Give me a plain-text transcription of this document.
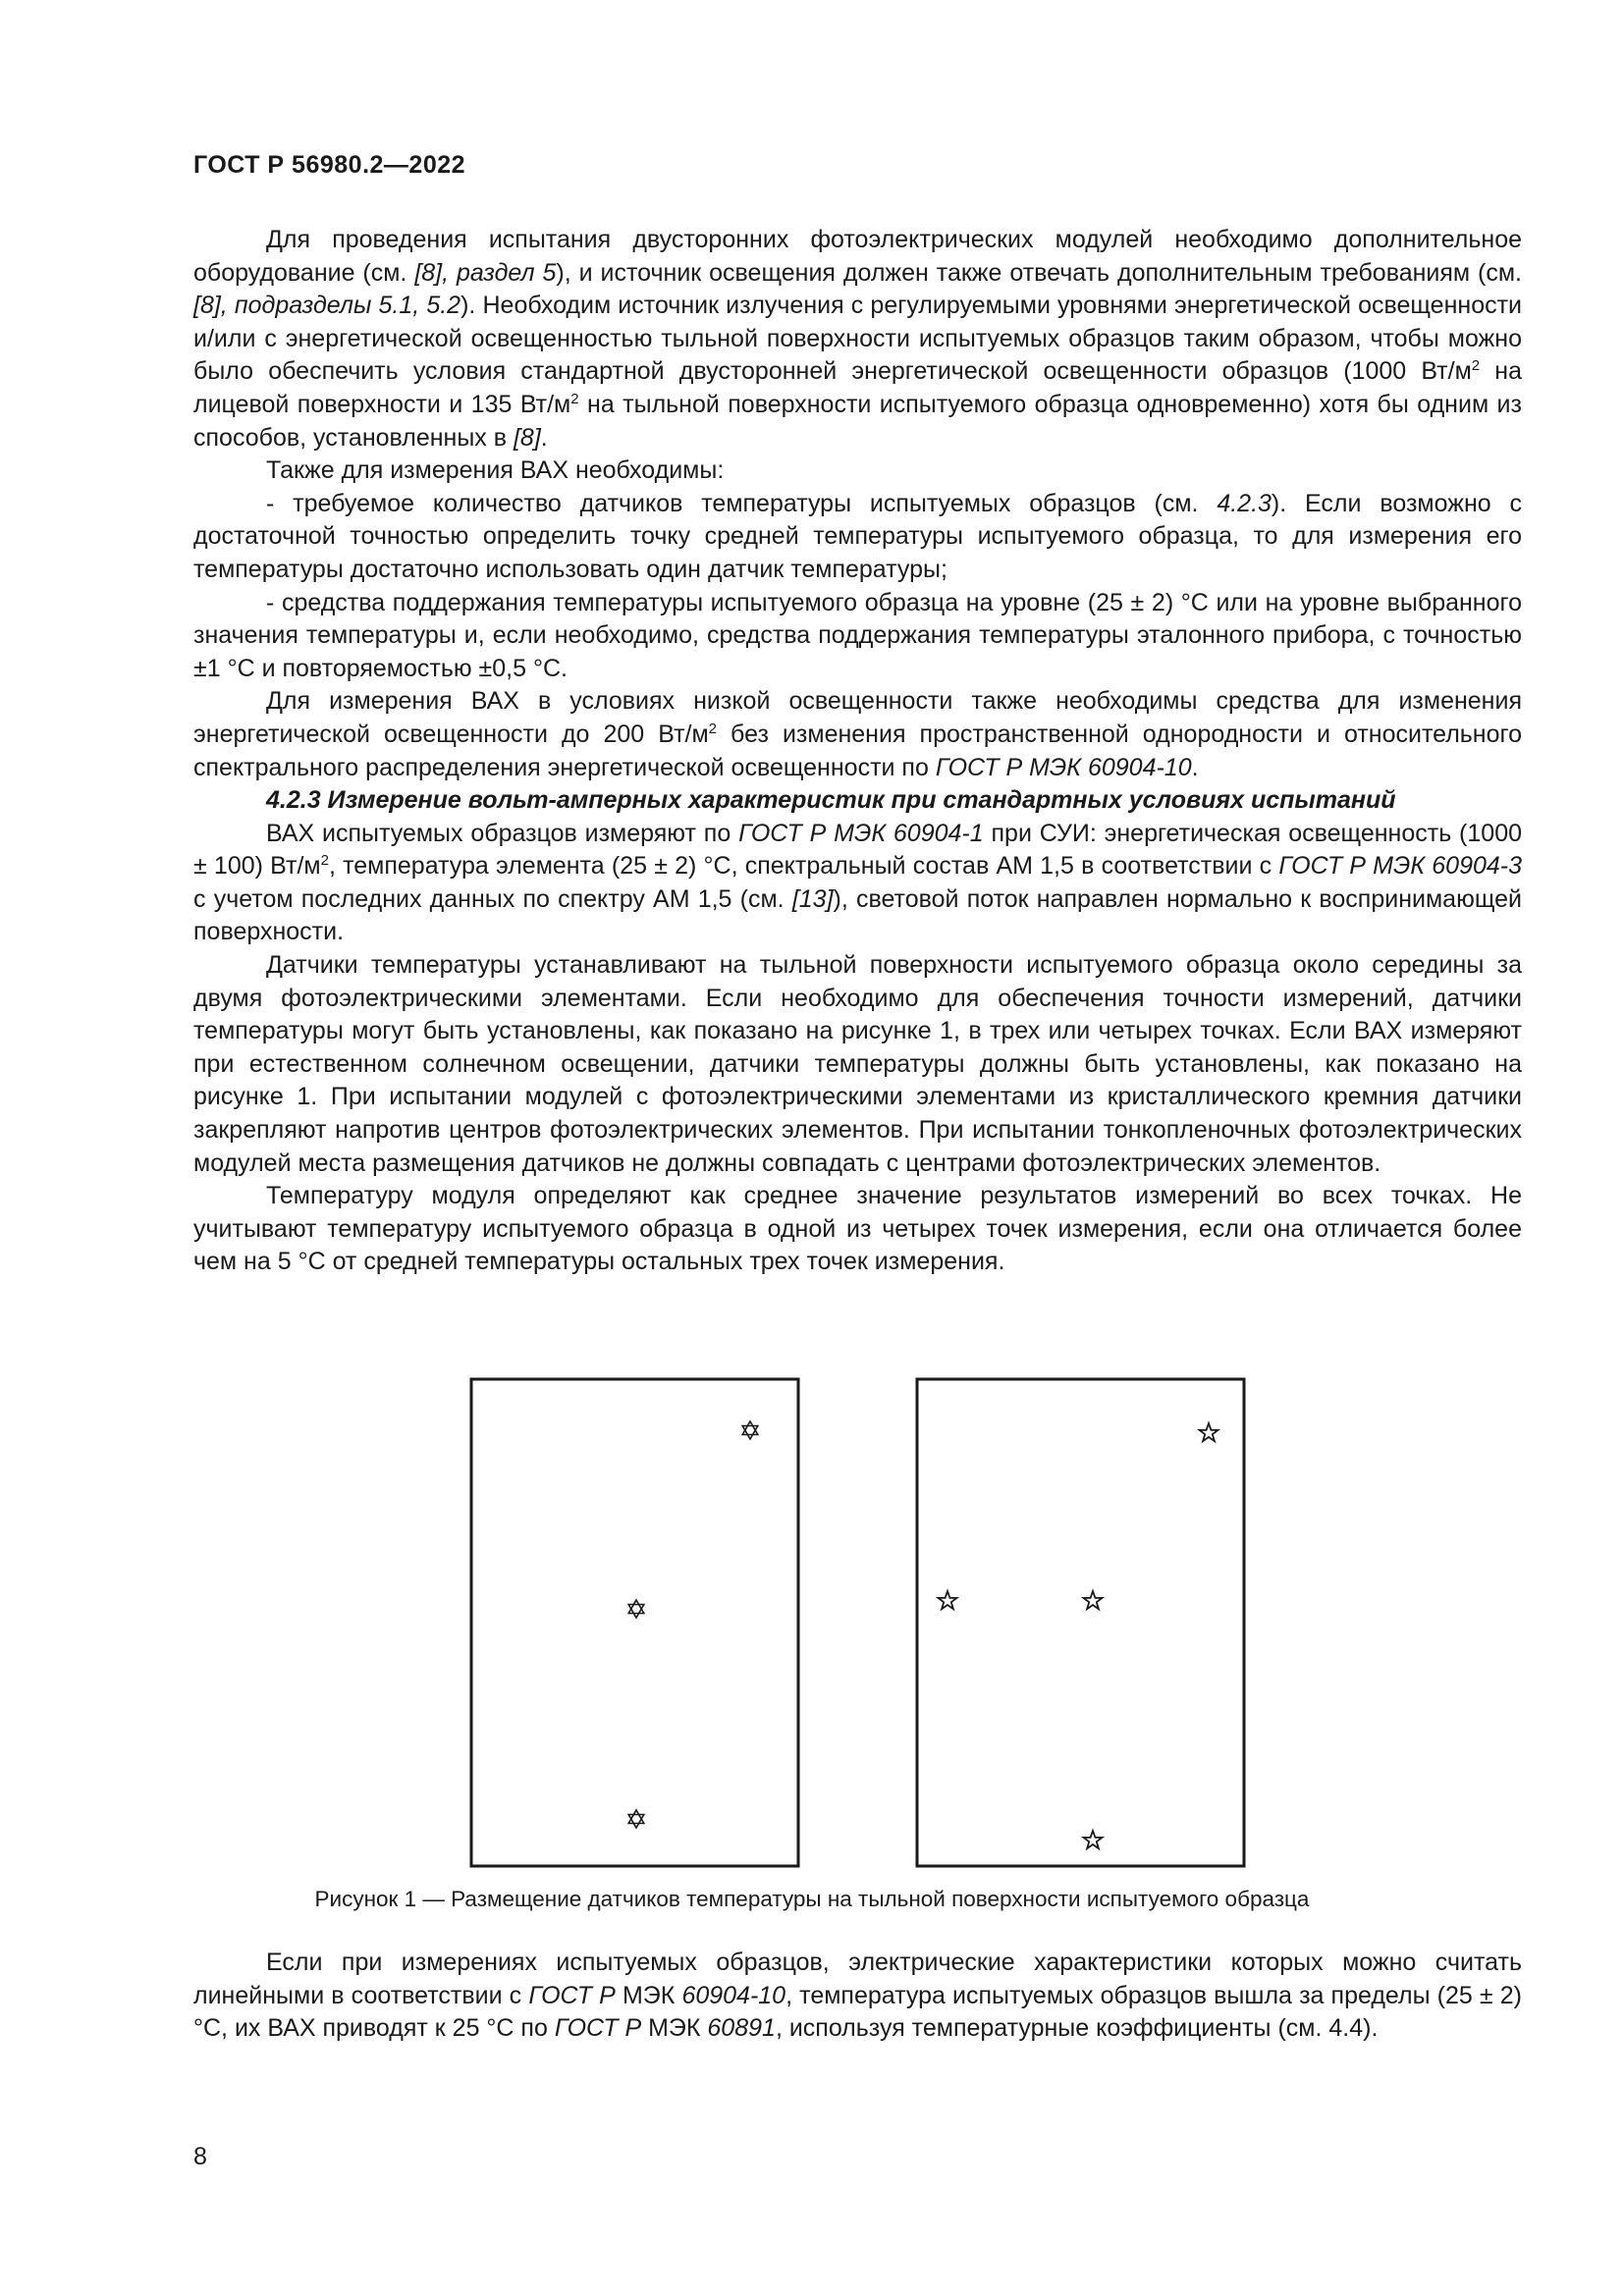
ГОСТ Р 56980.2—2022

Для проведения испытания двусторонних фотоэлектрических модулей необходимо дополнительное оборудование (см. [8], раздел 5), и источник освещения должен также отвечать дополнительным требованиям (см. [8], подразделы 5.1, 5.2). Необходим источник излучения с регулируемыми уровнями энергетической освещенности и/или с энергетической освещенностью тыльной поверхности испытуемых образцов таким образом, чтобы можно было обеспечить условия стандартной двусторонней энергетической освещенности образцов (1000 $Вт/м^2$ на лицевой поверхности и 135 $Вт/м^2$ на тыльной поверхности испытуемого образца одновременно) хотя бы одним из способов, установленных в [8].

Также для измерения ВАХ необходимы:

- требуемое количество датчиков температуры испытуемых образцов (см. 4.2.3). Если возможно с достаточной точностью определить точку средней температуры испытуемого образца, то для измерения его температуры достаточно использовать один датчик температуры;

- средства поддержания температуры испытуемого образца на уровне (25 ± 2) °С или на уровне выбранного значения температуры и, если необходимо, средства поддержания температуры эталонного прибора, с точностью ±1 °С и повторяемостью ±0,5 °С.

Для измерения ВАХ в условиях низкой освещенности также необходимы средства для изменения энергетической освещенности до 200 $Вт/м^2$ без изменения пространственной однородности и относительного спектрального распределения энергетической освещенности по ГОСТ Р МЭК 60904-10.

4.2.3 Измерение вольт-амперных характеристик при стандартных условиях испытаний

ВАХ испытуемых образцов измеряют по ГОСТ Р МЭК 60904-1 при СУИ: энергетическая освещенность (1000 ± 100) $Вт/м^2$, температура элемента (25 ± 2) °С, спектральный состав АМ 1,5 в соответствии с ГОСТ Р МЭК 60904-3 с учетом последних данных по спектру АМ 1,5 (см. [13]), световой поток направлен нормально к воспринимающей поверхности.

Датчики температуры устанавливают на тыльной поверхности испытуемого образца около середины за двумя фотоэлектрическими элементами. Если необходимо для обеспечения точности измерений, датчики температуры могут быть установлены, как показано на рисунке 1, в трех или четырех точках. Если ВАХ измеряют при естественном солнечном освещении, датчики температуры должны быть установлены, как показано на рисунке 1. При испытании модулей с фотоэлектрическими элементами из кристаллического кремния датчики закрепляют напротив центров фотоэлектрических элементов. При испытании тонкопленочных фотоэлектрических модулей места размещения датчиков не должны совпадать с центрами фотоэлектрических элементов.

Температуру модуля определяют как среднее значение результатов измерений во всех точках. Не учитывают температуру испытуемого образца в одной из четырех точек измерения, если она отличается более чем на 5 °С от средней температуры остальных трех точек измерения.

Рисунок 1 — Размещение датчиков температуры на тыльной поверхности испытуемого образца

Если при измерениях испытуемых образцов, электрические характеристики которых можно считать линейными в соответствии с ГОСТ Р МЭК 60904-10, температура испытуемых образцов вышла за пределы (25 ± 2) °С, их ВАХ приводят к 25 °С по ГОСТ Р МЭК 60891, используя температурные коэффициенты (см. 4.4).

8
